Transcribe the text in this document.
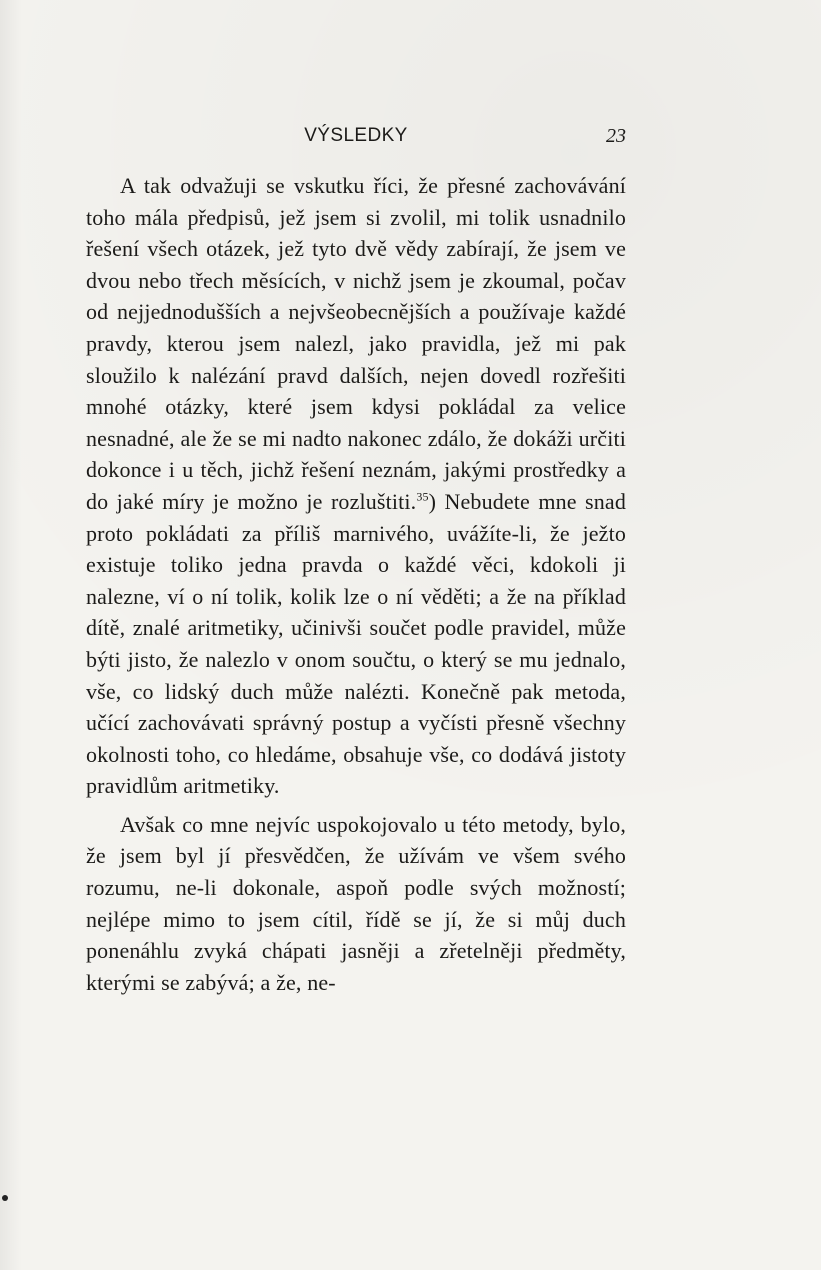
VÝSLEDKY	23

A tak odvažuji se vskutku říci, že přesné zachovávání toho mála předpisů, jež jsem si zvolil, mi tolik usnadnilo řešení všech otázek, jež tyto dvě vědy zabírají, že jsem ve dvou nebo třech měsících, v nichž jsem je zkoumal, počav od nejjednodušších a nejvšeobecnějších a používaje každé pravdy, kterou jsem nalezl, jako pravidla, jež mi pak sloužilo k nalézání pravd dalších, nejen dovedl rozřešiti mnohé otázky, které jsem kdysi pokládal za velice nesnadné, ale že se mi nadto nakonec zdálo, že dokáži určiti dokonce i u těch, jichž řešení neznám, jakými prostředky a do jaké míry je možno je rozluštiti.$^{35}$) Nebudete mne snad proto pokládati za příliš marnivého, uvážíte-li, že ježto existuje toliko jedna pravda o každé věci, kdokoli ji nalezne, ví o ní tolik, kolik lze o ní věděti; a že na příklad dítě, znalé aritmetiky, učinivši součet podle pravidel, může býti jisto, že nalezlo v onom součtu, o který se mu jednalo, vše, co lidský duch může nalézti. Konečně pak metoda, učící zachovávati správný postup a vyčísti přesně všechny okolnosti toho, co hledáme, obsahuje vše, co dodává jistoty pravidlům aritmetiky.

Avšak co mne nejvíc uspokojovalo u této metody, bylo, že jsem byl jí přesvědčen, že užívám ve všem svého rozumu, ne-li dokonale, aspoň podle svých možností; nejlépe mimo to jsem cítil, řídě se jí, že si můj duch ponenáhlu zvyká chápati jasněji a zřetelněji předměty, kterými se zabývá; a že, ne-
